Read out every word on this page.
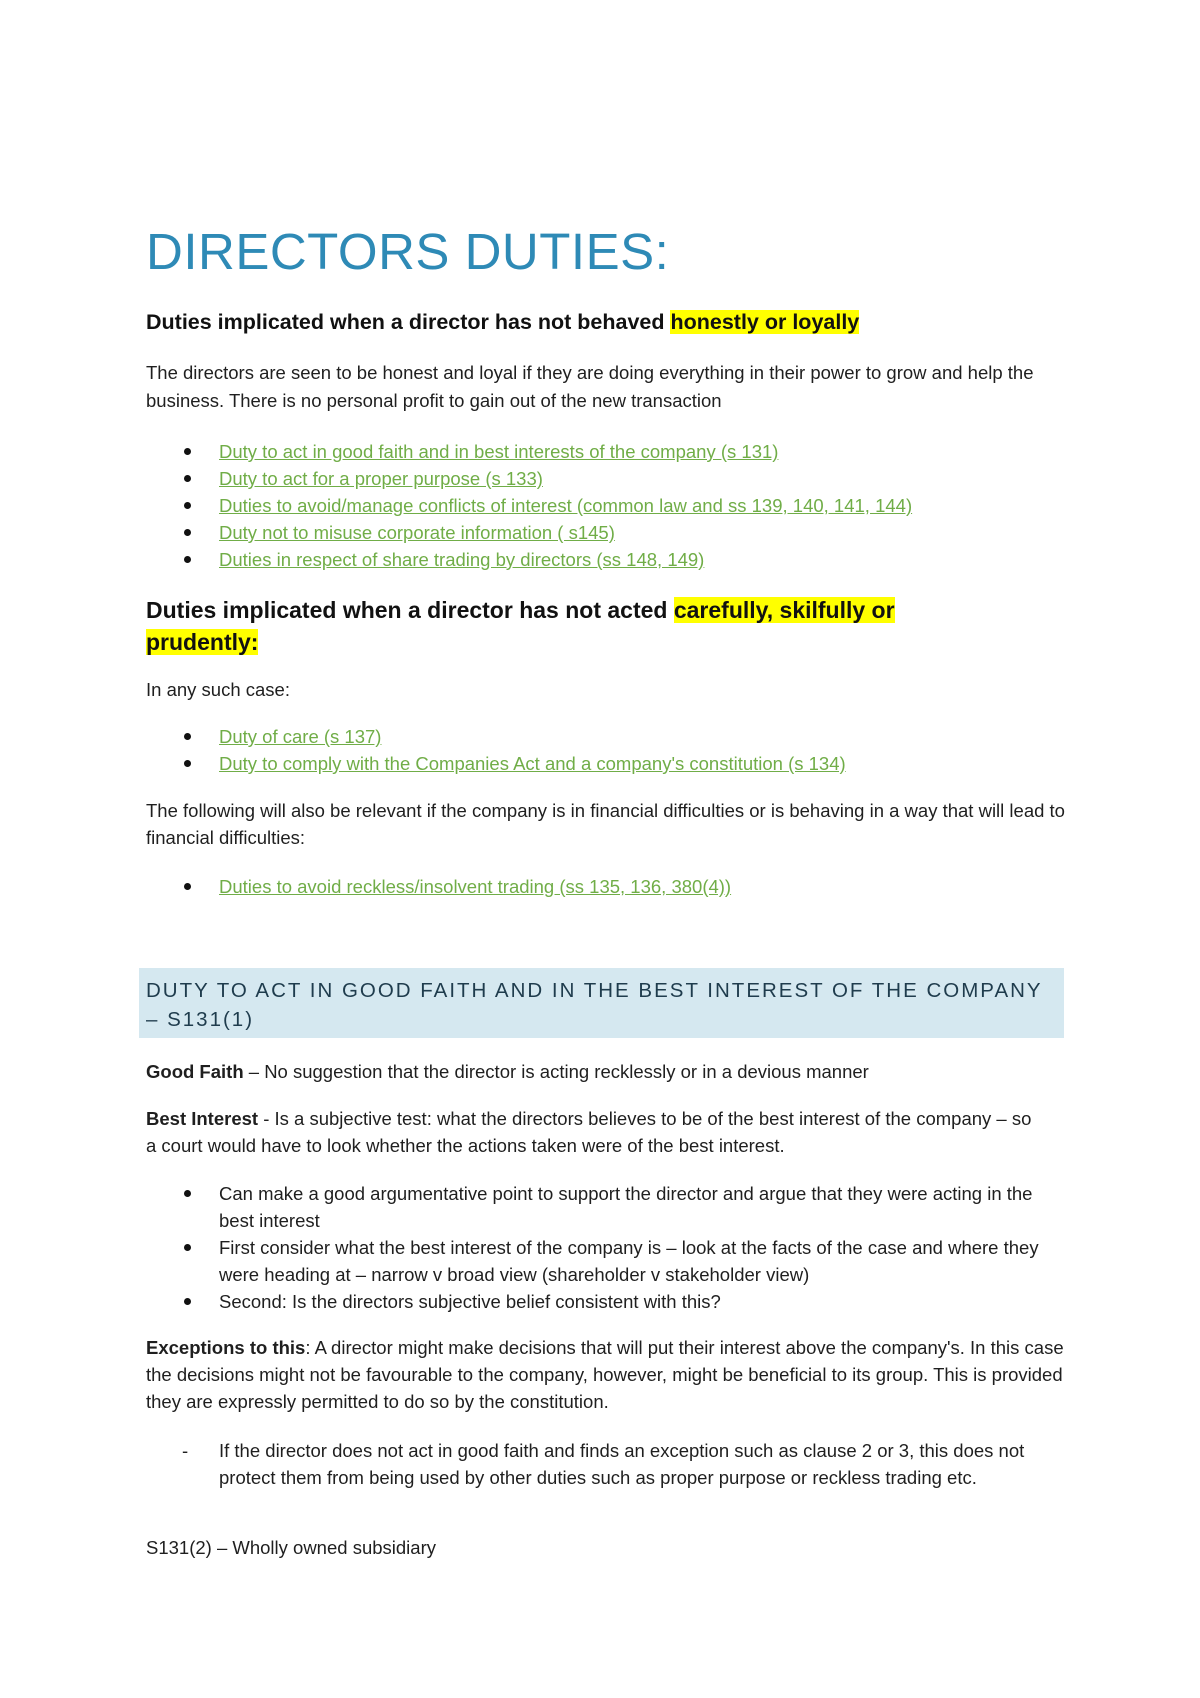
DIRECTORS DUTIES:
Duties implicated when a director has not behaved honestly or loyally

The directors are seen to be honest and loyal if they are doing everything in their power to grow and help the business. There is no personal profit to gain out of the new transaction

Duty to act in good faith and in best interests of the company (s 131)
Duty to act for a proper purpose (s 133)
Duties to avoid/manage conflicts of interest (common law and ss 139, 140, 141, 144)
Duty not to misuse corporate information ( s145)
Duties in respect of share trading by directors (ss 148, 149)
Duties implicated when a director has not acted carefully, skilfully or
prudently:

In any such case:

Duty of care (s 137)
Duty to comply with the Companies Act and a company's constitution (s 134)

The following will also be relevant if the company is in financial difficulties or is behaving in a way that will lead to financial difficulties:

Duties to avoid reckless/insolvent trading (ss 135, 136, 380(4))

DUTY TO ACT IN GOOD FAITH AND IN THE BEST INTEREST OF THE COMPANY – S131(1)

Good Faith – No suggestion that the director is acting recklessly or in a devious manner

Best Interest - Is a subjective test: what the directors believes to be of the best interest of the company – so a court would have to look whether the actions taken were of the best interest.

Can make a good argumentative point to support the director and argue that they were acting in the best interest
First consider what the best interest of the company is – look at the facts of the case and where they were heading at – narrow v broad view (shareholder v stakeholder view)
Second: Is the directors subjective belief consistent with this?

Exceptions to this: A director might make decisions that will put their interest above the company's. In this case the decisions might not be favourable to the company, however, might be beneficial to its group. This is provided they are expressly permitted to do so by the constitution.

- If the director does not act in good faith and finds an exception such as clause 2 or 3, this does not protect them from being used by other duties such as proper purpose or reckless trading etc.

S131(2) – Wholly owned subsidiary
